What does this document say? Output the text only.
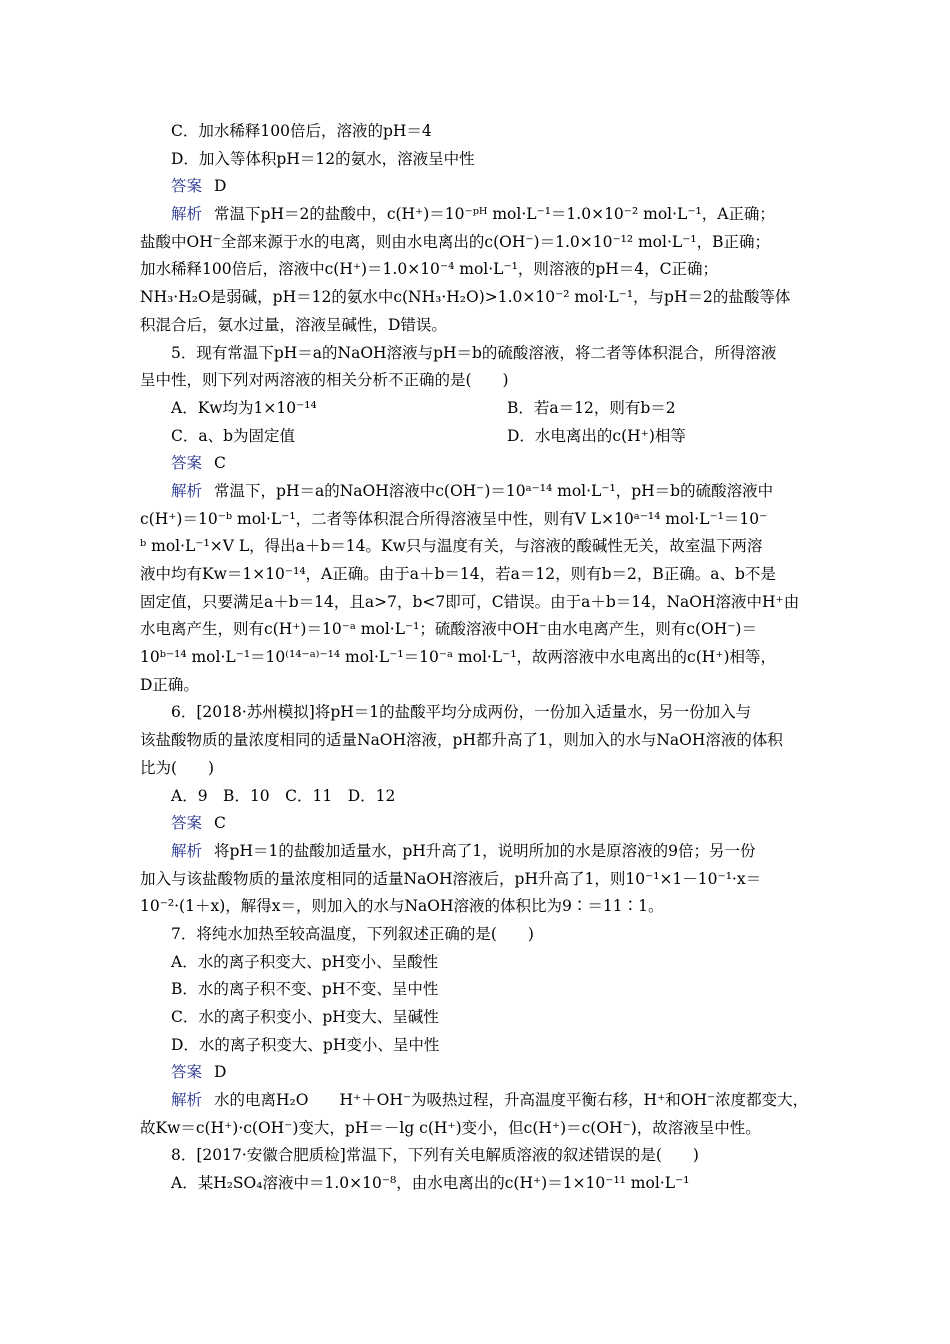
C．加水稀释100倍后，溶液的pH＝4
D．加入等体积pH＝12的氨水，溶液呈中性
答案 D
解析 常温下pH＝2的盐酸中，c(H⁺)＝10⁻ᵖᴴ mol·L⁻¹＝1.0×10⁻² mol·L⁻¹，A正确；
盐酸中OH⁻全部来源于水的电离，则由水电离出的c(OH⁻)＝1.0×10⁻¹² mol·L⁻¹，B正确；
加水稀释100倍后，溶液中c(H⁺)＝1.0×10⁻⁴ mol·L⁻¹，则溶液的pH＝4，C正确；
NH₃·H₂O是弱碱，pH＝12的氨水中c(NH₃·H₂O)>1.0×10⁻² mol·L⁻¹，与pH＝2的盐酸等体
积混合后，氨水过量，溶液呈碱性，D错误。
5．现有常温下pH＝a的NaOH溶液与pH＝b的硫酸溶液，将二者等体积混合，所得溶液
呈中性，则下列对两溶液的相关分析不正确的是(　　)
A．Kw均为1×10⁻¹⁴	B．若a＝12，则有b＝2
C．a、b为固定值	D．水电离出的c(H⁺)相等
答案 C
解析 常温下，pH＝a的NaOH溶液中c(OH⁻)＝10ᵃ⁻¹⁴ mol·L⁻¹，pH＝b的硫酸溶液中
c(H⁺)＝10⁻ᵇ mol·L⁻¹，二者等体积混合所得溶液呈中性，则有V L×10ᵃ⁻¹⁴ mol·L⁻¹＝10⁻
ᵇ mol·L⁻¹×V L，得出a＋b＝14。Kw只与温度有关，与溶液的酸碱性无关，故室温下两溶
液中均有Kw＝1×10⁻¹⁴，A正确。由于a＋b＝14，若a＝12，则有b＝2，B正确。a、b不是
固定值，只要满足a＋b＝14，且a>7，b<7即可，C错误。由于a＋b＝14，NaOH溶液中H⁺由
水电离产生，则有c(H⁺)＝10⁻ᵃ mol·L⁻¹；硫酸溶液中OH⁻由水电离产生，则有c(OH⁻)＝
10ᵇ⁻¹⁴ mol·L⁻¹＝10⁽¹⁴⁻ᵃ⁾⁻¹⁴ mol·L⁻¹＝10⁻ᵃ mol·L⁻¹，故两溶液中水电离出的c(H⁺)相等，
D正确。
6．[2018·苏州模拟]将pH＝1的盐酸平均分成两份，一份加入适量水，另一份加入与
该盐酸物质的量浓度相同的适量NaOH溶液，pH都升高了1，则加入的水与NaOH溶液的体积
比为(　　)
A．9　B．10　C．11　D．12
答案 C
解析 将pH＝1的盐酸加适量水，pH升高了1，说明所加的水是原溶液的9倍；另一份
加入与该盐酸物质的量浓度相同的适量NaOH溶液后，pH升高了1，则10⁻¹×1－10⁻¹·x＝
10⁻²·(1＋x)，解得x＝，则加入的水与NaOH溶液的体积比为9∶＝11∶1。
7．将纯水加热至较高温度，下列叙述正确的是(　　)
A．水的离子积变大、pH变小、呈酸性
B．水的离子积不变、pH不变、呈中性
C．水的离子积变小、pH变大、呈碱性
D．水的离子积变大、pH变小、呈中性
答案 D
解析 水的电离H₂O　　H⁺＋OH⁻为吸热过程，升高温度平衡右移，H⁺和OH⁻浓度都变大，
故Kw＝c(H⁺)·c(OH⁻)变大，pH＝－lg c(H⁺)变小，但c(H⁺)＝c(OH⁻)，故溶液呈中性。
8．[2017·安徽合肥质检]常温下，下列有关电解质溶液的叙述错误的是(　　)
A．某H₂SO₄溶液中＝1.0×10⁻⁸，由水电离出的c(H⁺)＝1×10⁻¹¹ mol·L⁻¹
